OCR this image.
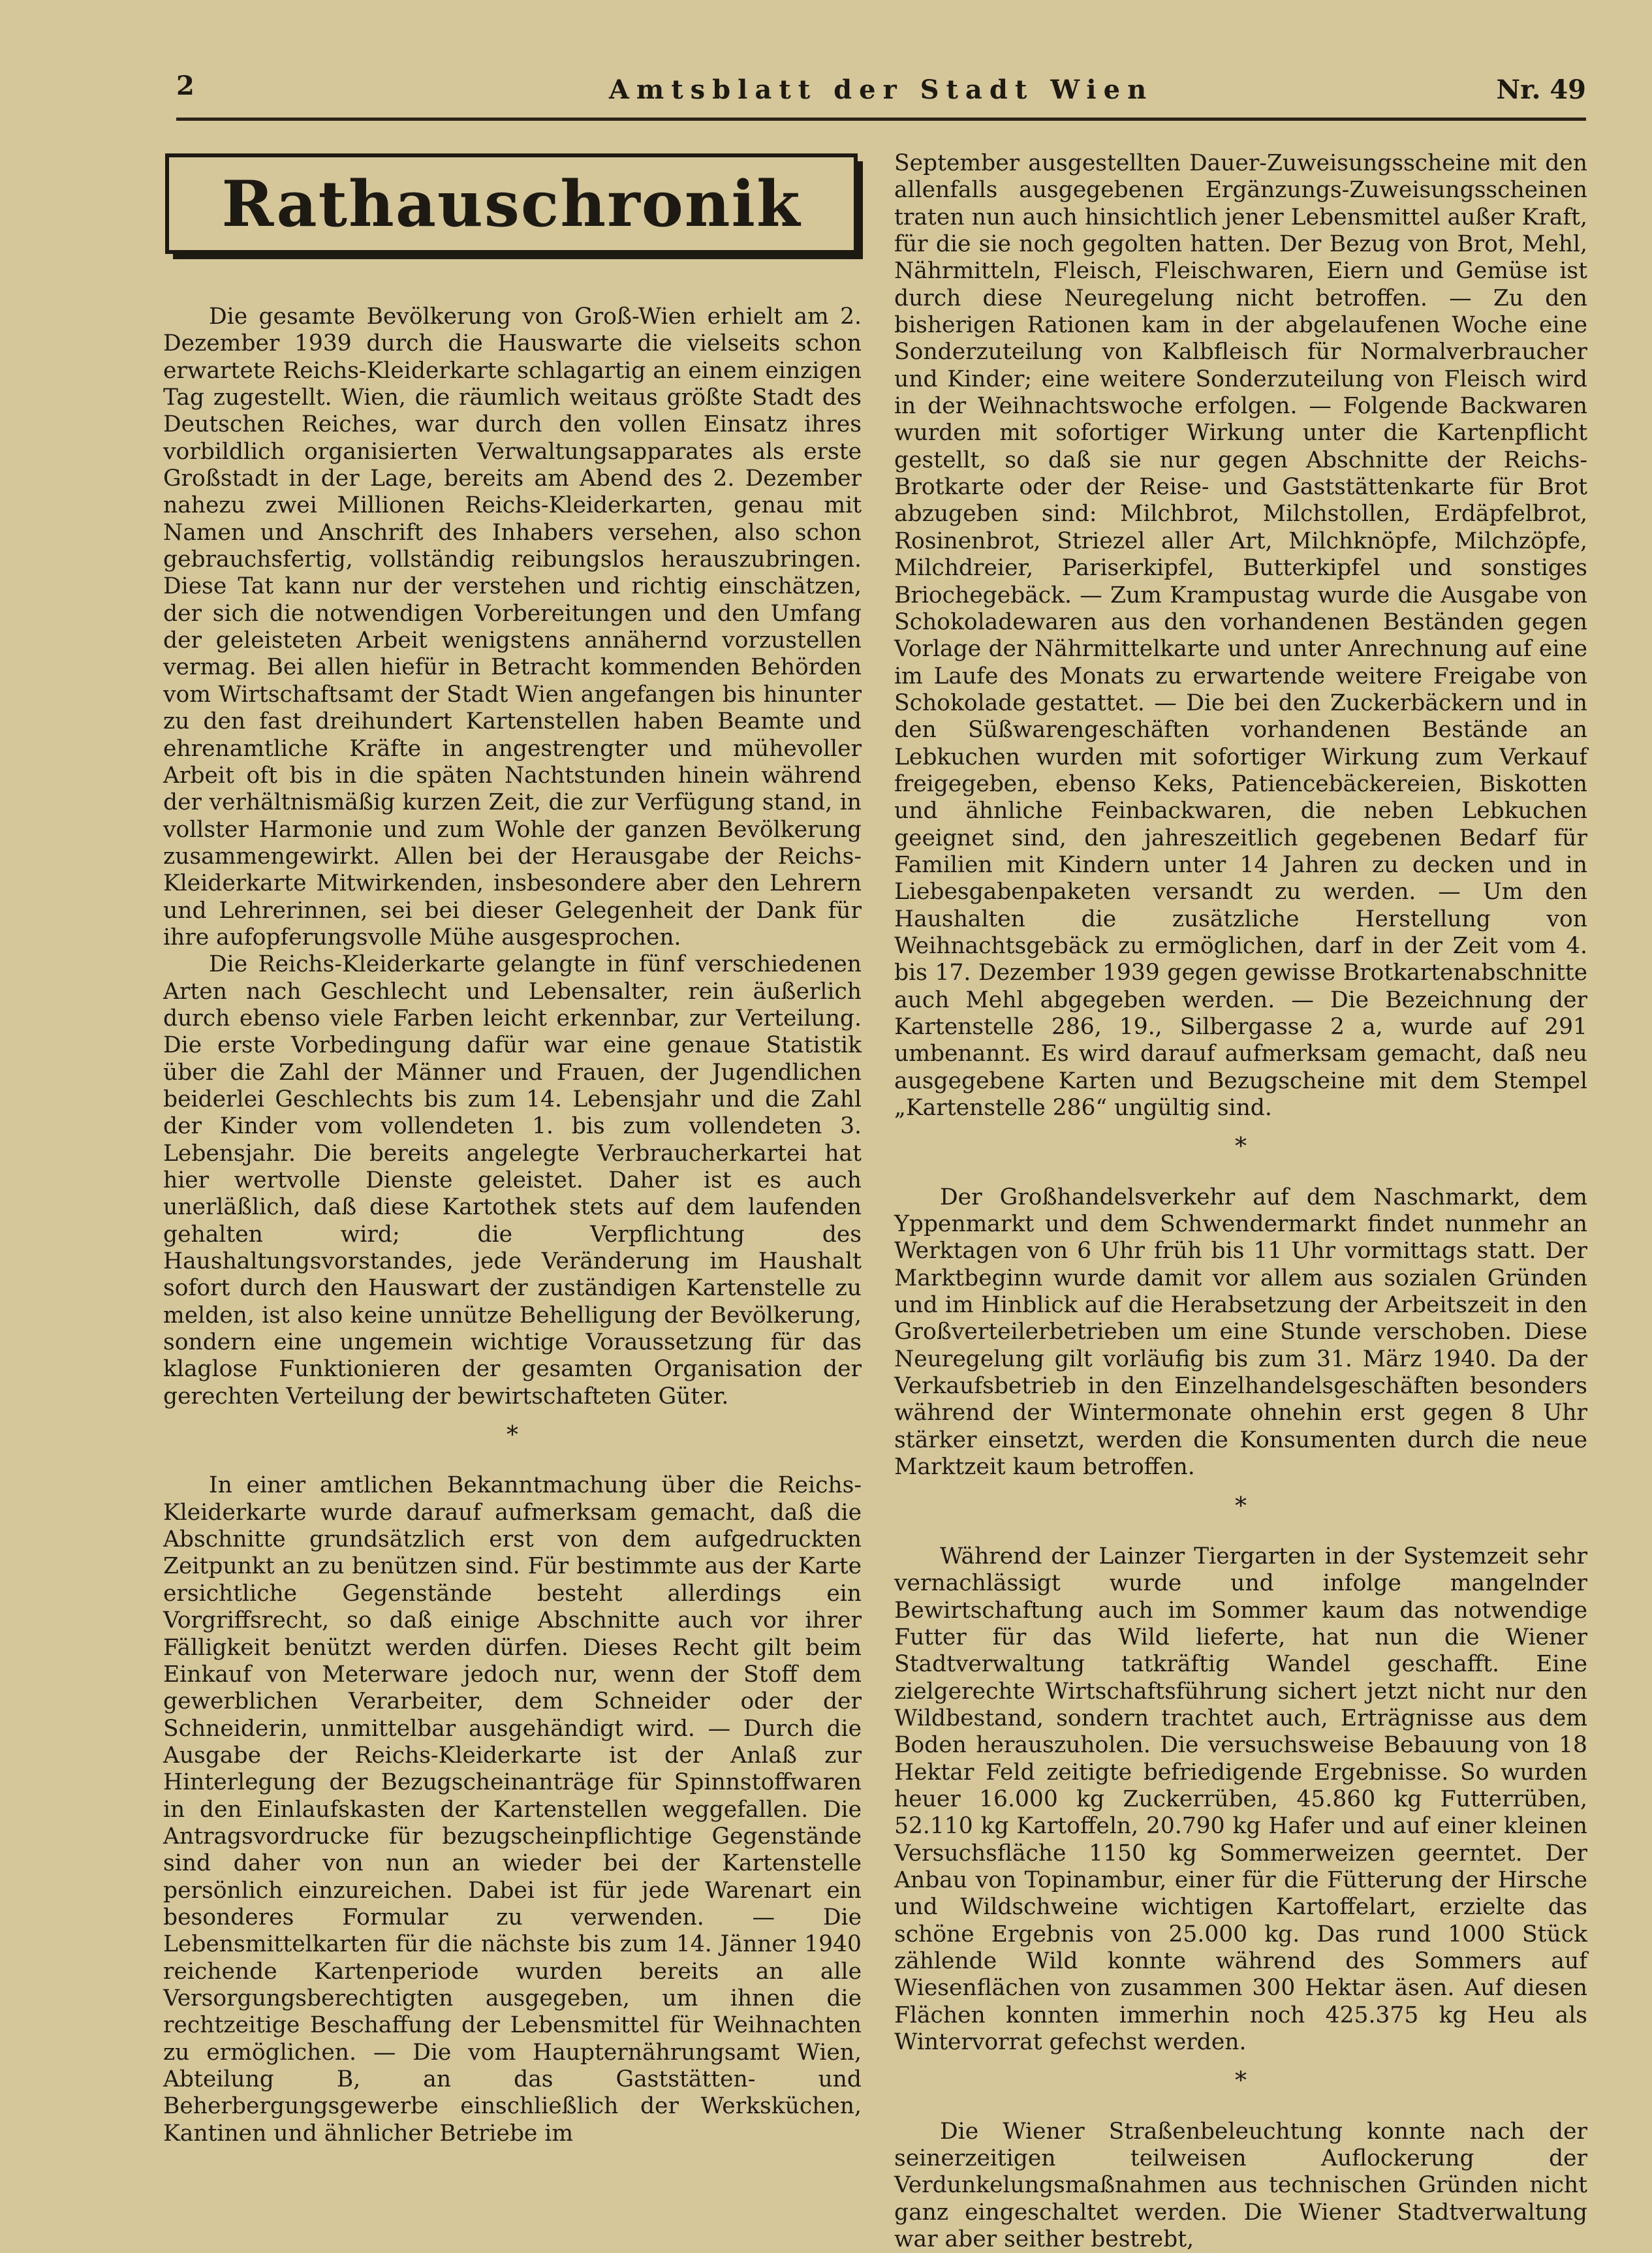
2	Amtsblatt der Stadt Wien	Nr. 49
Rathauschronik

Die gesamte Bevölkerung von Groß-Wien erhielt am 2. Dezember 1939 durch die Hauswarte die vielseits schon erwartete Reichs-Kleiderkarte schlagartig an einem einzigen Tag zugestellt. Wien, die räumlich weitaus größte Stadt des Deutschen Reiches, war durch den vollen Einsatz ihres vorbildlich organisierten Verwaltungsapparates als erste Großstadt in der Lage, bereits am Abend des 2. Dezember nahezu zwei Millionen Reichs-Kleiderkarten, genau mit Namen und Anschrift des Inhabers versehen, also schon gebrauchsfertig, vollständig reibungslos herauszubringen. Diese Tat kann nur der verstehen und richtig einschätzen, der sich die notwendigen Vorbereitungen und den Umfang der geleisteten Arbeit wenigstens annähernd vorzustellen vermag. Bei allen hiefür in Betracht kommenden Behörden vom Wirtschaftsamt der Stadt Wien angefangen bis hinunter zu den fast dreihundert Kartenstellen haben Beamte und ehrenamtliche Kräfte in angestrengter und mühevoller Arbeit oft bis in die späten Nachtstunden hinein während der verhältnismäßig kurzen Zeit, die zur Verfügung stand, in vollster Harmonie und zum Wohle der ganzen Bevölkerung zusammengewirkt. Allen bei der Herausgabe der Reichs-Kleiderkarte Mitwirkenden, insbesondere aber den Lehrern und Lehrerinnen, sei bei dieser Gelegenheit der Dank für ihre aufopferungsvolle Mühe ausgesprochen.

Die Reichs-Kleiderkarte gelangte in fünf verschiedenen Arten nach Geschlecht und Lebensalter, rein äußerlich durch ebenso viele Farben leicht erkennbar, zur Verteilung. Die erste Vorbedingung dafür war eine genaue Statistik über die Zahl der Männer und Frauen, der Jugendlichen beiderlei Geschlechts bis zum 14. Lebensjahr und die Zahl der Kinder vom vollendeten 1. bis zum vollendeten 3. Lebensjahr. Die bereits angelegte Verbraucherkartei hat hier wertvolle Dienste geleistet. Daher ist es auch unerläßlich, daß diese Kartothek stets auf dem laufenden gehalten wird; die Verpflichtung des Haushaltungsvorstandes, jede Veränderung im Haushalt sofort durch den Hauswart der zuständigen Kartenstelle zu melden, ist also keine unnütze Behelligung der Bevölkerung, sondern eine ungemein wichtige Voraussetzung für das klaglose Funktionieren der gesamten Organisation der gerechten Verteilung der bewirtschafteten Güter.

*

In einer amtlichen Bekanntmachung über die Reichs-Kleiderkarte wurde darauf aufmerksam gemacht, daß die Abschnitte grundsätzlich erst von dem aufgedruckten Zeitpunkt an zu benützen sind. Für bestimmte aus der Karte ersichtliche Gegenstände besteht allerdings ein Vorgriffsrecht, so daß einige Abschnitte auch vor ihrer Fälligkeit benützt werden dürfen. Dieses Recht gilt beim Einkauf von Meterware jedoch nur, wenn der Stoff dem gewerblichen Verarbeiter, dem Schneider oder der Schneiderin, unmittelbar ausgehändigt wird. — Durch die Ausgabe der Reichs-Kleiderkarte ist der Anlaß zur Hinterlegung der Bezugscheinanträge für Spinnstoffwaren in den Einlaufskasten der Kartenstellen weggefallen. Die Antragsvordrucke für bezugscheinpflichtige Gegenstände sind daher von nun an wieder bei der Kartenstelle persönlich einzureichen. Dabei ist für jede Warenart ein besonderes Formular zu verwenden. — Die Lebensmittelkarten für die nächste bis zum 14. Jänner 1940 reichende Kartenperiode wurden bereits an alle Versorgungsberechtigten ausgegeben, um ihnen die rechtzeitige Beschaffung der Lebensmittel für Weihnachten zu ermöglichen. — Die vom Haupternährungsamt Wien, Abteilung B, an das Gaststätten- und Beherbergungsgewerbe einschließlich der Werksküchen, Kantinen und ähnlicher Betriebe im

September ausgestellten Dauer-Zuweisungsscheine mit den allenfalls ausgegebenen Ergänzungs-Zuweisungsscheinen traten nun auch hinsichtlich jener Lebensmittel außer Kraft, für die sie noch gegolten hatten. Der Bezug von Brot, Mehl, Nährmitteln, Fleisch, Fleischwaren, Eiern und Gemüse ist durch diese Neuregelung nicht betroffen. — Zu den bisherigen Rationen kam in der abgelaufenen Woche eine Sonderzuteilung von Kalbfleisch für Normalverbraucher und Kinder; eine weitere Sonderzuteilung von Fleisch wird in der Weihnachtswoche erfolgen. — Folgende Backwaren wurden mit sofortiger Wirkung unter die Kartenpflicht gestellt, so daß sie nur gegen Abschnitte der Reichs-Brotkarte oder der Reise- und Gaststättenkarte für Brot abzugeben sind: Milchbrot, Milchstollen, Erdäpfelbrot, Rosinenbrot, Striezel aller Art, Milchknöpfe, Milchzöpfe, Milchdreier, Pariserkipfel, Butterkipfel und sonstiges Briochegebäck. — Zum Krampustag wurde die Ausgabe von Schokoladewaren aus den vorhandenen Beständen gegen Vorlage der Nährmittelkarte und unter Anrechnung auf eine im Laufe des Monats zu erwartende weitere Freigabe von Schokolade gestattet. — Die bei den Zuckerbäckern und in den Süßwarengeschäften vorhandenen Bestände an Lebkuchen wurden mit sofortiger Wirkung zum Verkauf freigegeben, ebenso Keks, Patiencebäckereien, Biskotten und ähnliche Feinbackwaren, die neben Lebkuchen geeignet sind, den jahreszeitlich gegebenen Bedarf für Familien mit Kindern unter 14 Jahren zu decken und in Liebesgabenpaketen versandt zu werden. — Um den Haushalten die zusätzliche Herstellung von Weihnachtsgebäck zu ermöglichen, darf in der Zeit vom 4. bis 17. Dezember 1939 gegen gewisse Brotkartenabschnitte auch Mehl abgegeben werden. — Die Bezeichnung der Kartenstelle 286, 19., Silbergasse 2 a, wurde auf 291 umbenannt. Es wird darauf aufmerksam gemacht, daß neu ausgegebene Karten und Bezugscheine mit dem Stempel „Kartenstelle 286“ ungültig sind.

*

Der Großhandelsverkehr auf dem Naschmarkt, dem Yppenmarkt und dem Schwendermarkt findet nunmehr an Werktagen von 6 Uhr früh bis 11 Uhr vormittags statt. Der Marktbeginn wurde damit vor allem aus sozialen Gründen und im Hinblick auf die Herabsetzung der Arbeitszeit in den Großverteilerbetrieben um eine Stunde verschoben. Diese Neuregelung gilt vorläufig bis zum 31. März 1940. Da der Verkaufsbetrieb in den Einzelhandelsgeschäften besonders während der Wintermonate ohnehin erst gegen 8 Uhr stärker einsetzt, werden die Konsumenten durch die neue Marktzeit kaum betroffen.

*

Während der Lainzer Tiergarten in der Systemzeit sehr vernachlässigt wurde und infolge mangelnder Bewirtschaftung auch im Sommer kaum das notwendige Futter für das Wild lieferte, hat nun die Wiener Stadtverwaltung tatkräftig Wandel geschafft. Eine zielgerechte Wirtschaftsführung sichert jetzt nicht nur den Wildbestand, sondern trachtet auch, Erträgnisse aus dem Boden herauszuholen. Die versuchsweise Bebauung von 18 Hektar Feld zeitigte befriedigende Ergebnisse. So wurden heuer 16.000 kg Zuckerrüben, 45.860 kg Futterrüben, 52.110 kg Kartoffeln, 20.790 kg Hafer und auf einer kleinen Versuchsfläche 1150 kg Sommerweizen geerntet. Der Anbau von Topinambur, einer für die Fütterung der Hirsche und Wildschweine wichtigen Kartoffelart, erzielte das schöne Ergebnis von 25.000 kg. Das rund 1000 Stück zählende Wild konnte während des Sommers auf Wiesenflächen von zusammen 300 Hektar äsen. Auf diesen Flächen konnten immerhin noch 425.375 kg Heu als Wintervorrat gefechst werden.

*

Die Wiener Straßenbeleuchtung konnte nach der seinerzeitigen teilweisen Auflockerung der Verdunkelungsmaßnahmen aus technischen Gründen nicht ganz eingeschaltet werden. Die Wiener Stadtverwaltung war aber seither bestrebt,
